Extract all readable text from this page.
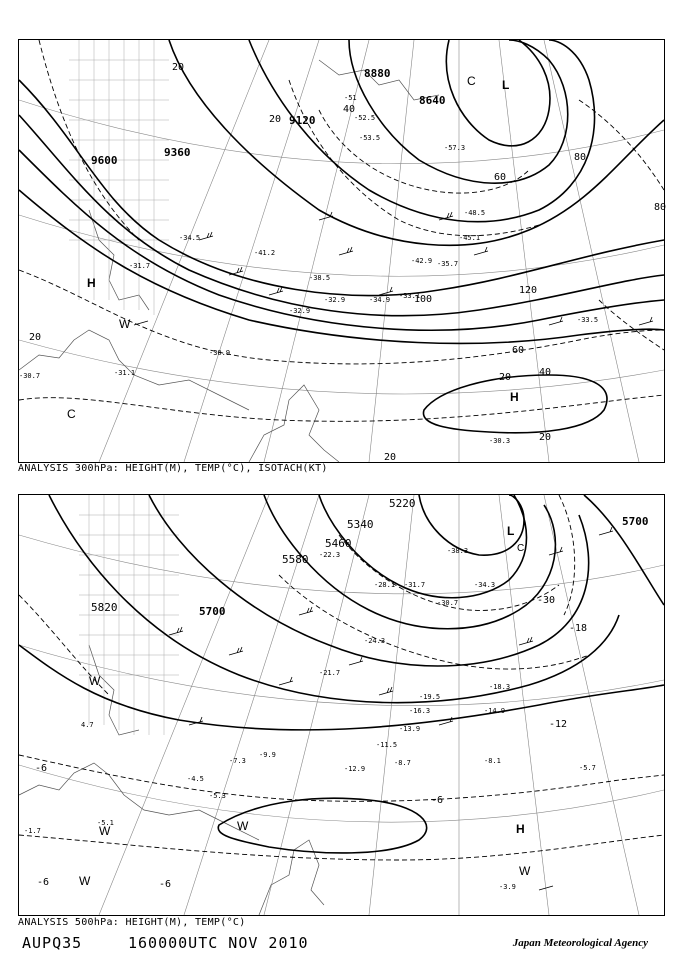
20
40
60
80
100
120
20
40
20
20
20
20
80
60
9600
9360
9120
8880
8640
H
H
L
C
W
C
-31.7
-34.5
-41.2
-38.5
-33.1
-32.9
-30.9
-31.1
-30.3
-57.3
-51
-52.5
-53.5
-48.5
-45.1
-42.9 -35.7
-34.9
-32.9
-33.5
-30.7
ANALYSIS 300hPa: HEIGHT(M), TEMP(°C), ISOTACH(KT)
-30
-18
-12
-6
-6
-6	-6
5820	5700
5580
5460
5340
5220
5700
L
C
H
W
W
W
W
W
-38.3
-34.3
-31.7
-30.7
-28.1
-24.3
-22.3
-21.7
-19.5
-18.3
-16.3	-14.9
-13.9
-12.9
-11.5
-9.9
-8.7	-8.1
-7.3
-5.7
-5.3
-5.1
-4.5
-3.9
-1.7
4.7
ANALYSIS 500hPa: HEIGHT(M), TEMP(°C)
AUPQ35	160000UTC NOV 2010	Japan Meteorological Agency
